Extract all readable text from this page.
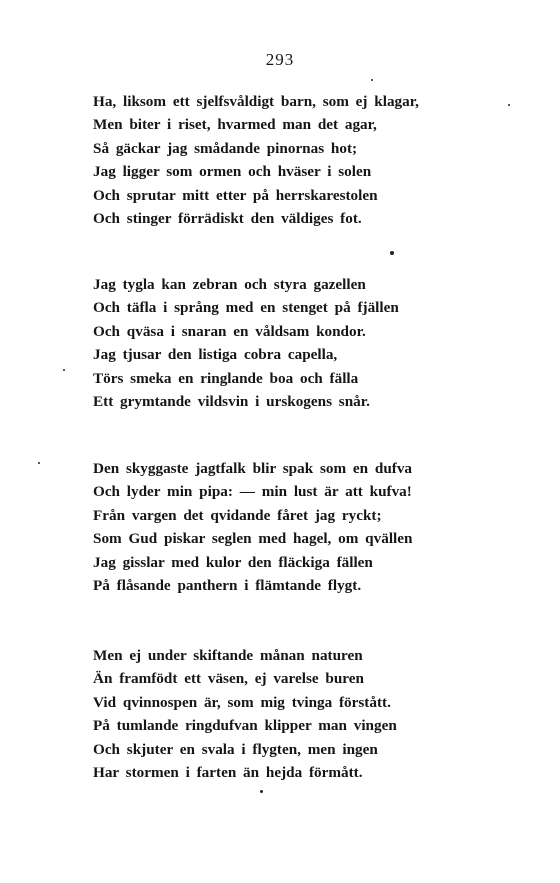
293
Ha, liksom ett sjelfsvåldigt barn, som ej klagar,
Men biter i riset, hvarmed man det agar,
Så gäckar jag smådande pinornas hot;
Jag ligger som ormen och hväser i solen
Och sprutar mitt etter på herrskarestolen
Och stinger förrädiskt den väldiges fot.
Jag tygla kan zebran och styra gazellen
Och täfla i språng med en stenget på fjällen
Och qväsa i snaran en våldsam kondor.
Jag tjusar den listiga cobra capella,
Törs smeka en ringlande boa och fälla
Ett grymtande vildsvin i urskogens snår.
Den skyggaste jagtfalk blir spak som en dufva
Och lyder min pipa: — min lust är att kufva!
Från vargen det qvidande fåret jag ryckt;
Som Gud piskar seglen med hagel, om qvällen
Jag gisslar med kulor den fläckiga fällen
På flåsande panthern i flämtande flygt.
Men ej under skiftande månan naturen
Än framfödt ett väsen, ej varelse buren
Vid qvinnospen är, som mig tvinga förstått.
På tumlande ringdufvan klipper man vingen
Och skjuter en svala i flygten, men ingen
Har stormen i farten än hejda förmått.
